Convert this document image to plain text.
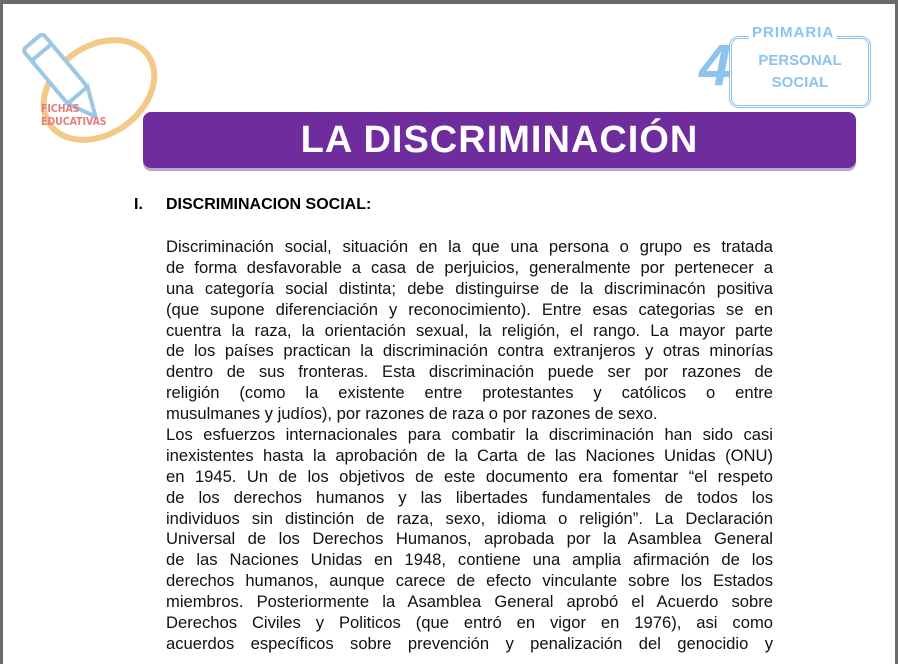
FICHAS
EDUCATIVAS
4
PRIMARIA
PERSONAL
SOCIAL
LA DISCRIMINACIÓN
I. DISCRIMINACION SOCIAL:
Discriminación social, situación en la que una persona o grupo es tratada
de forma desfavorable a casa de perjuicios, generalmente por pertenecer a
una categoría social distinta; debe distinguirse de la discriminacón positiva
(que supone diferenciación y reconocimiento). Entre esas categorias se en
cuentra la raza, la orientación sexual, la religión, el rango. La mayor parte
de los países practican la discriminación contra extranjeros y otras minorías
dentro de sus fronteras. Esta discriminación puede ser por razones de
religión (como la existente entre protestantes y católicos o entre
musulmanes y judíos), por razones de raza o por razones de sexo.
Los esfuerzos internacionales para combatir la discriminación han sido casi
inexistentes hasta la aprobación de la Carta de las Naciones Unidas (ONU)
en 1945. Un de los objetivos de este documento era fomentar “el respeto
de los derechos humanos y las libertades fundamentales de todos los
individuos sin distinción de raza, sexo, idioma o religión”. La Declaración
Universal de los Derechos Humanos, aprobada por la Asamblea General
de las Naciones Unidas en 1948, contiene una amplia afirmación de los
derechos humanos, aunque carece de efecto vinculante sobre los Estados
miembros. Posteriormente la Asamblea General aprobó el Acuerdo sobre
Derechos Civiles y Politicos (que entró en vigor en 1976), asi como
acuerdos específicos sobre prevención y penalización del genocidio y
